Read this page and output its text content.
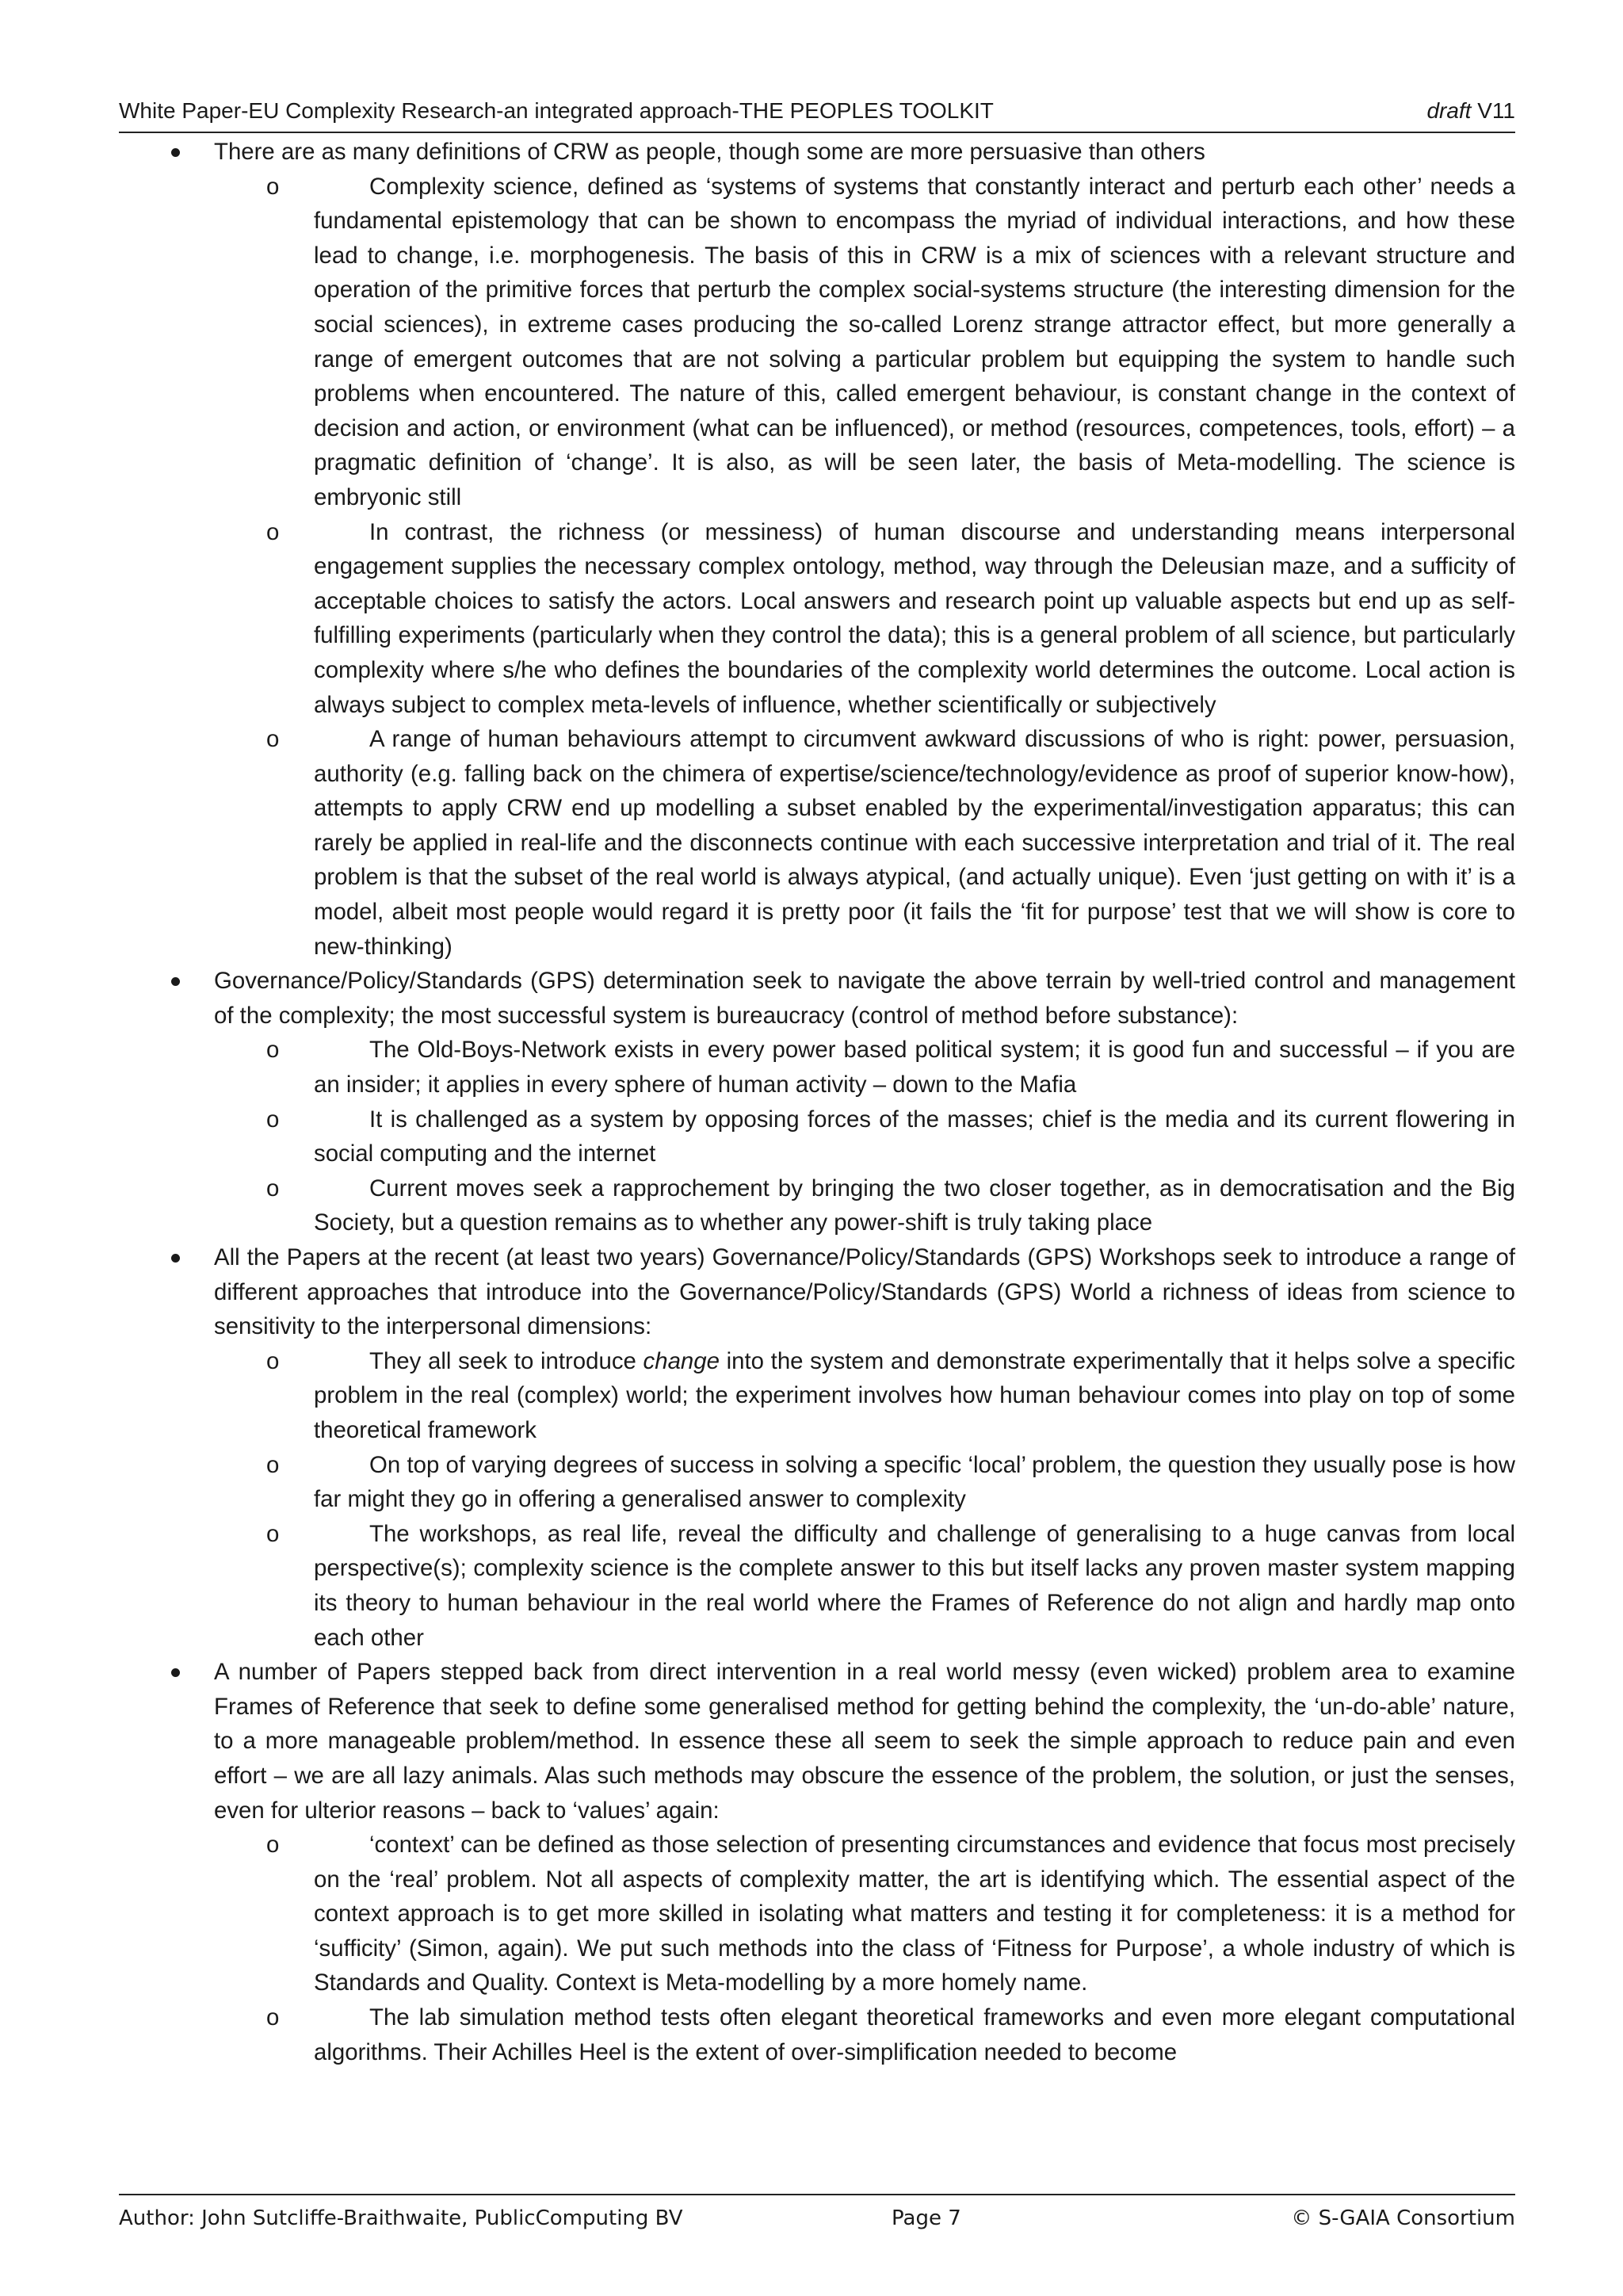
White Paper-EU Complexity Research-an integrated approach-THE PEOPLES TOOLKIT	draft V11
There are as many definitions of CRW as people, though some are more persuasive than others
o	Complexity science, defined as ‘systems of systems that constantly interact and perturb each other’ needs a fundamental epistemology that can be shown to encompass the myriad of individual interactions, and how these lead to change, i.e. morphogenesis. The basis of this in CRW is a mix of sciences with a relevant structure and operation of the primitive forces that perturb the complex social-systems structure (the interesting dimension for the social sciences), in extreme cases producing the so-called Lorenz strange attractor effect, but more generally a range of emergent outcomes that are not solving a particular problem but equipping the system to handle such problems when encountered. The nature of this, called emergent behaviour, is constant change in the context of decision and action, or environment (what can be influenced), or method (resources, competences, tools, effort) – a pragmatic definition of ‘change’. It is also, as will be seen later, the basis of Meta-modelling. The science is embryonic still
o	In contrast, the richness (or messiness) of human discourse and understanding means interpersonal engagement supplies the necessary complex ontology, method, way through the Deleusian maze, and a sufficity of acceptable choices to satisfy the actors. Local answers and research point up valuable aspects but end up as self-fulfilling experiments (particularly when they control the data); this is a general problem of all science, but particularly complexity where s/he who defines the boundaries of the complexity world determines the outcome. Local action is always subject to complex meta-levels of influence, whether scientifically or subjectively
o	A range of human behaviours attempt to circumvent awkward discussions of who is right: power, persuasion, authority (e.g. falling back on the chimera of expertise/science/technology/evidence as proof of superior know-how), attempts to apply CRW end up modelling a subset enabled by the experimental/investigation apparatus; this can rarely be applied in real-life and the disconnects continue with each successive interpretation and trial of it. The real problem is that the subset of the real world is always atypical, (and actually unique). Even ‘just getting on with it’ is a model, albeit most people would regard it is pretty poor (it fails the ‘fit for purpose’ test that we will show is core to new-thinking)
Governance/Policy/Standards (GPS) determination seek to navigate the above terrain by well-tried control and management of the complexity; the most successful system is bureaucracy (control of method before substance):
o	The Old-Boys-Network exists in every power based political system; it is good fun and successful – if you are an insider; it applies in every sphere of human activity – down to the Mafia
o	It is challenged as a system by opposing forces of the masses; chief is the media and its current flowering in social computing and the internet
o	Current moves seek a rapprochement by bringing the two closer together, as in democratisation and the Big Society, but a question remains as to whether any power-shift is truly taking place
All the Papers at the recent (at least two years) Governance/Policy/Standards (GPS) Workshops seek to introduce a range of different approaches that introduce into the Governance/Policy/Standards (GPS) World a richness of ideas from science to sensitivity to the interpersonal dimensions:
o	They all seek to introduce change into the system and demonstrate experimentally that it helps solve a specific problem in the real (complex) world; the experiment involves how human behaviour comes into play on top of some theoretical framework
o	On top of varying degrees of success in solving a specific ‘local’ problem, the question they usually pose is how far might they go in offering a generalised answer to complexity
o	The workshops, as real life, reveal the difficulty and challenge of generalising to a huge canvas from local perspective(s); complexity science is the complete answer to this but itself lacks any proven master system mapping its theory to human behaviour in the real world where the Frames of Reference do not align and hardly map onto each other
A number of Papers stepped back from direct intervention in a real world messy (even wicked) problem area to examine Frames of Reference that seek to define some generalised method for getting behind the complexity, the ‘un-do-able’ nature, to a more manageable problem/method. In essence these all seem to seek the simple approach to reduce pain and even effort – we are all lazy animals. Alas such methods may obscure the essence of the problem, the solution, or just the senses, even for ulterior reasons – back to ‘values’ again:
o	‘context’ can be defined as those selection of presenting circumstances and evidence that focus most precisely on the ‘real’ problem. Not all aspects of complexity matter, the art is identifying which. The essential aspect of the context approach is to get more skilled in isolating what matters and testing it for completeness: it is a method for ‘sufficity’ (Simon, again). We put such methods into the class of ‘Fitness for Purpose’, a whole industry of which is Standards and Quality. Context is Meta-modelling by a more homely name.
o	The lab simulation method tests often elegant theoretical frameworks and even more elegant computational algorithms. Their Achilles Heel is the extent of over-simplification needed to become
Author: John Sutcliffe-Braithwaite, PublicComputing BV	Page 7	© S-GAIA Consortium
